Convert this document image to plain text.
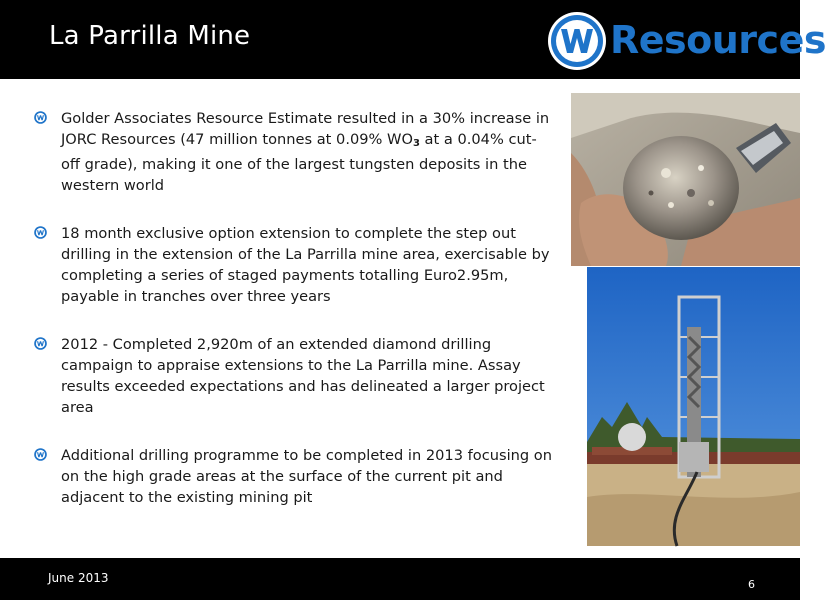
La Parrilla Mine	Resources
Golder Associates Resource Estimate resulted in a 30% increase in JORC Resources (47 million tonnes at 0.09% $WO_3$ at a 0.04% cut-off grade), making it one of the largest tungsten deposits in the western world
18 month exclusive option extension to complete the step out drilling in the extension of the La Parrilla mine area, exercisable by completing a series of staged payments totalling Euro2.95m, payable in tranches over three years
2012 - Completed 2,920m of an extended diamond drilling campaign to appraise extensions to the La Parrilla mine. Assay results exceeded expectations and has delineated a larger project area
Additional drilling programme to be completed in 2013 focusing on on the high grade areas at the surface of the current pit and adjacent to the existing mining pit
June 2013	6
